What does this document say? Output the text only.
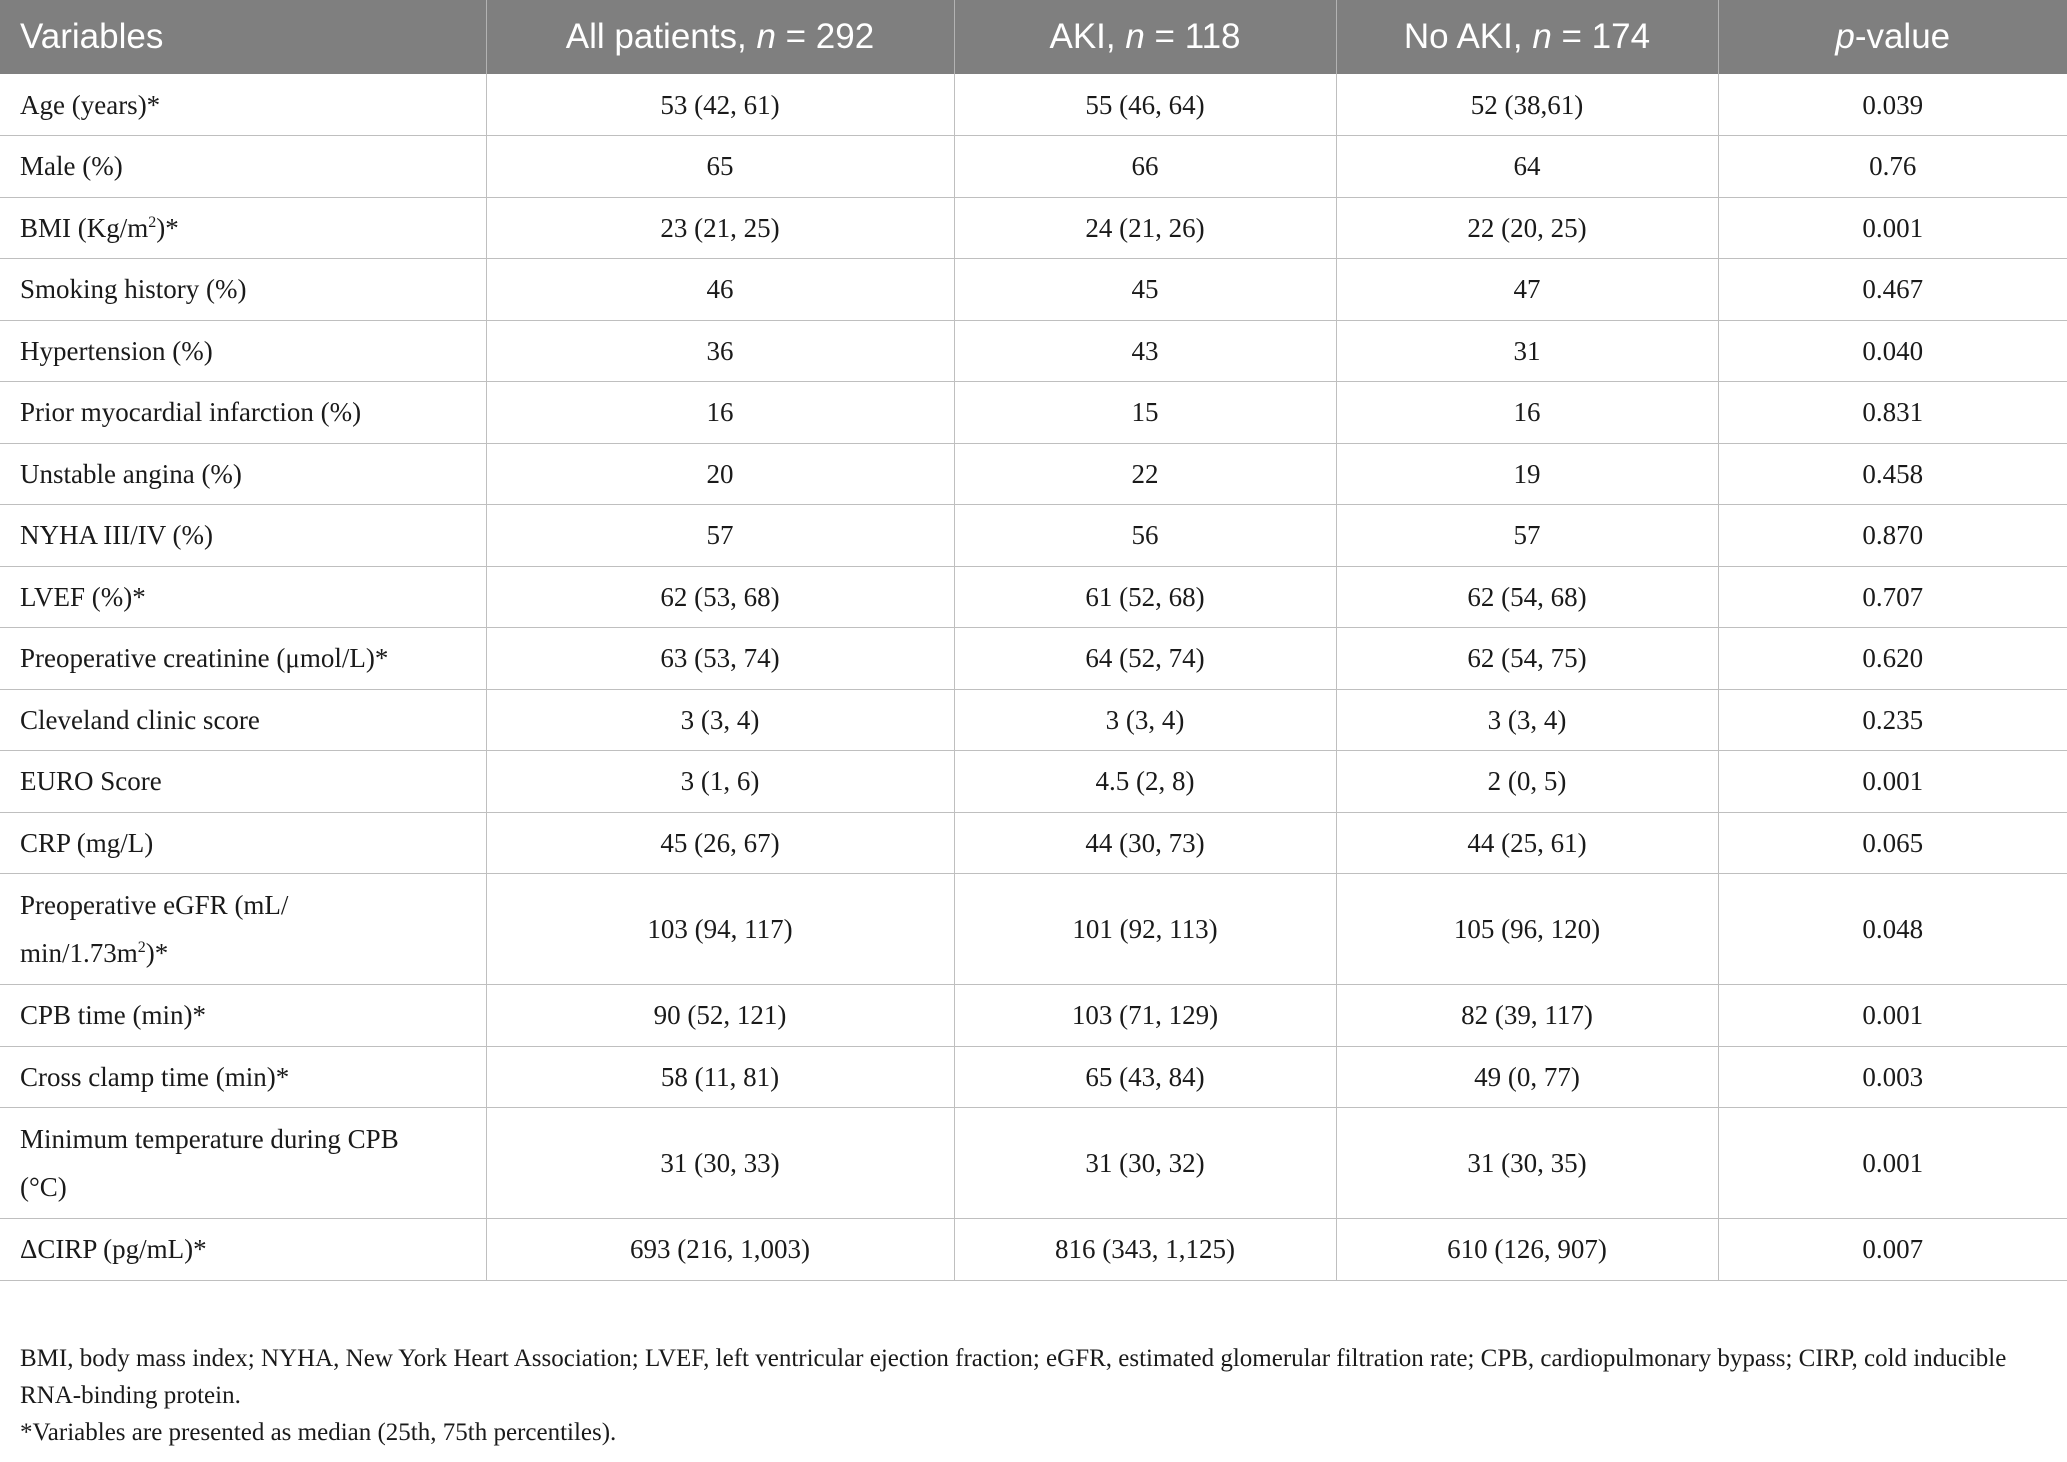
Variables	All patients, n = 292	AKI, n = 118	No AKI, n = 174	p-value
Age (years)*	53 (42, 61)	55 (46, 64)	52 (38,61)	0.039
Male (%)	65	66	64	0.76
BMI $(Kg/m^2)*$	23 (21, 25)	24 (21, 26)	22 (20, 25)	0.001
Smoking history (%)	46	45	47	0.467
Hypertension (%)	36	43	31	0.040
Prior myocardial infarction (%)	16	15	16	0.831
Unstable angina (%)	20	22	19	0.458
NYHA III/IV (%)	57	56	57	0.870
LVEF (%)*	62 (53, 68)	61 (52, 68)	62 (54, 68)	0.707
Preoperative creatinine (μmol/L)*	63 (53, 74)	64 (52, 74)	62 (54, 75)	0.620
Cleveland clinic score	3 (3, 4)	3 (3, 4)	3 (3, 4)	0.235
EURO Score	3 (1, 6)	4.5 (2, 8)	2 (0, 5)	0.001
CRP (mg/L)	45 (26, 67)	44 (30, 73)	44 (25, 61)	0.065
Preoperative eGFR (mL/
$\min/1.73m^2)*$	103 (94, 117)	101 (92, 113)	105 (96, 120)	0.048
CPB time (min)*	90 (52, 121)	103 (71, 129)	82 (39, 117)	0.001
Cross clamp time (min)*	58 (11, 81)	65 (43, 84)	49 (0, 77)	0.003
Minimum temperature during CPB
(°C)	31 (30, 33)	31 (30, 32)	31 (30, 35)	0.001
ΔCIRP (pg/mL)*	693 (216, 1,003)	816 (343, 1,125)	610 (126, 907)	0.007

BMI, body mass index; NYHA, New York Heart Association; LVEF, left ventricular ejection fraction; eGFR, estimated glomerular filtration rate; CPB, cardiopulmonary bypass; CIRP, cold inducible RNA-binding protein.

*Variables are presented as median (25th, 75th percentiles).
